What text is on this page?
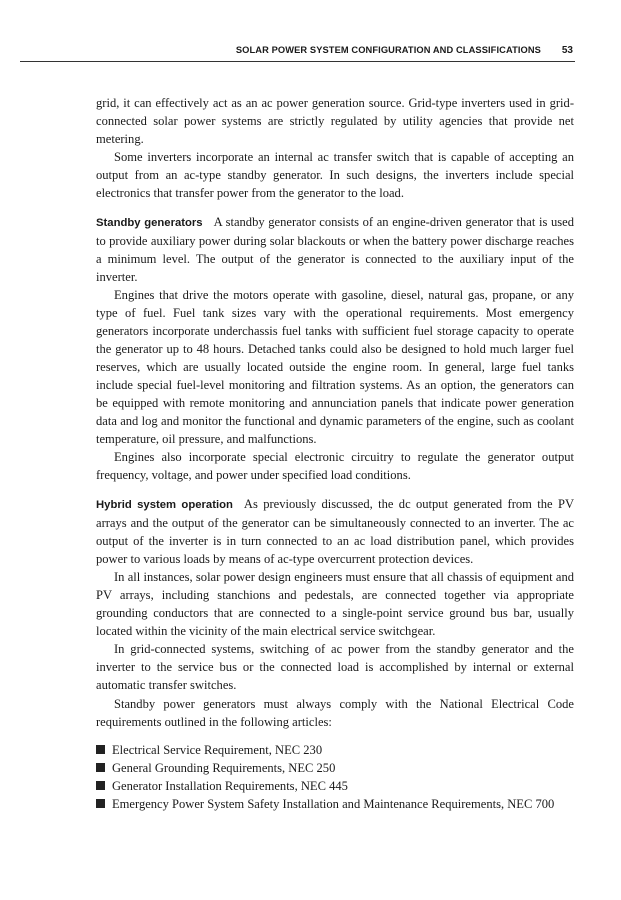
SOLAR POWER SYSTEM CONFIGURATION AND CLASSIFICATIONS 53

grid, it can effectively act as an ac power generation source. Grid-type inverters used in grid-connected solar power systems are strictly regulated by utility agencies that provide net metering.

Some inverters incorporate an internal ac transfer switch that is capable of accepting an output from an ac-type standby generator. In such designs, the inverters include special electronics that transfer power from the generator to the load.

Standby generators A standby generator consists of an engine-driven generator that is used to provide auxiliary power during solar blackouts or when the battery power discharge reaches a minimum level. The output of the generator is connected to the auxiliary input of the inverter.

Engines that drive the motors operate with gasoline, diesel, natural gas, propane, or any type of fuel. Fuel tank sizes vary with the operational requirements. Most emergency generators incorporate underchassis fuel tanks with sufficient fuel storage capacity to operate the generator up to 48 hours. Detached tanks could also be designed to hold much larger fuel reserves, which are usually located outside the engine room. In general, large fuel tanks include special fuel-level monitoring and filtration systems. As an option, the generators can be equipped with remote monitoring and annunciation panels that indicate power generation data and log and monitor the functional and dynamic parameters of the engine, such as coolant temperature, oil pressure, and malfunctions.

Engines also incorporate special electronic circuitry to regulate the generator output frequency, voltage, and power under specified load conditions.

Hybrid system operation As previously discussed, the dc output generated from the PV arrays and the output of the generator can be simultaneously connected to an inverter. The ac output of the inverter is in turn connected to an ac load distribution panel, which provides power to various loads by means of ac-type overcurrent protection devices.

In all instances, solar power design engineers must ensure that all chassis of equipment and PV arrays, including stanchions and pedestals, are connected together via appropriate grounding conductors that are connected to a single-point service ground bus bar, usually located within the vicinity of the main electrical service switchgear.

In grid-connected systems, switching of ac power from the standby generator and the inverter to the service bus or the connected load is accomplished by internal or external automatic transfer switches.

Standby power generators must always comply with the National Electrical Code requirements outlined in the following articles:

Electrical Service Requirement, NEC 230
General Grounding Requirements, NEC 250
Generator Installation Requirements, NEC 445
Emergency Power System Safety Installation and Maintenance Requirements, NEC 700
